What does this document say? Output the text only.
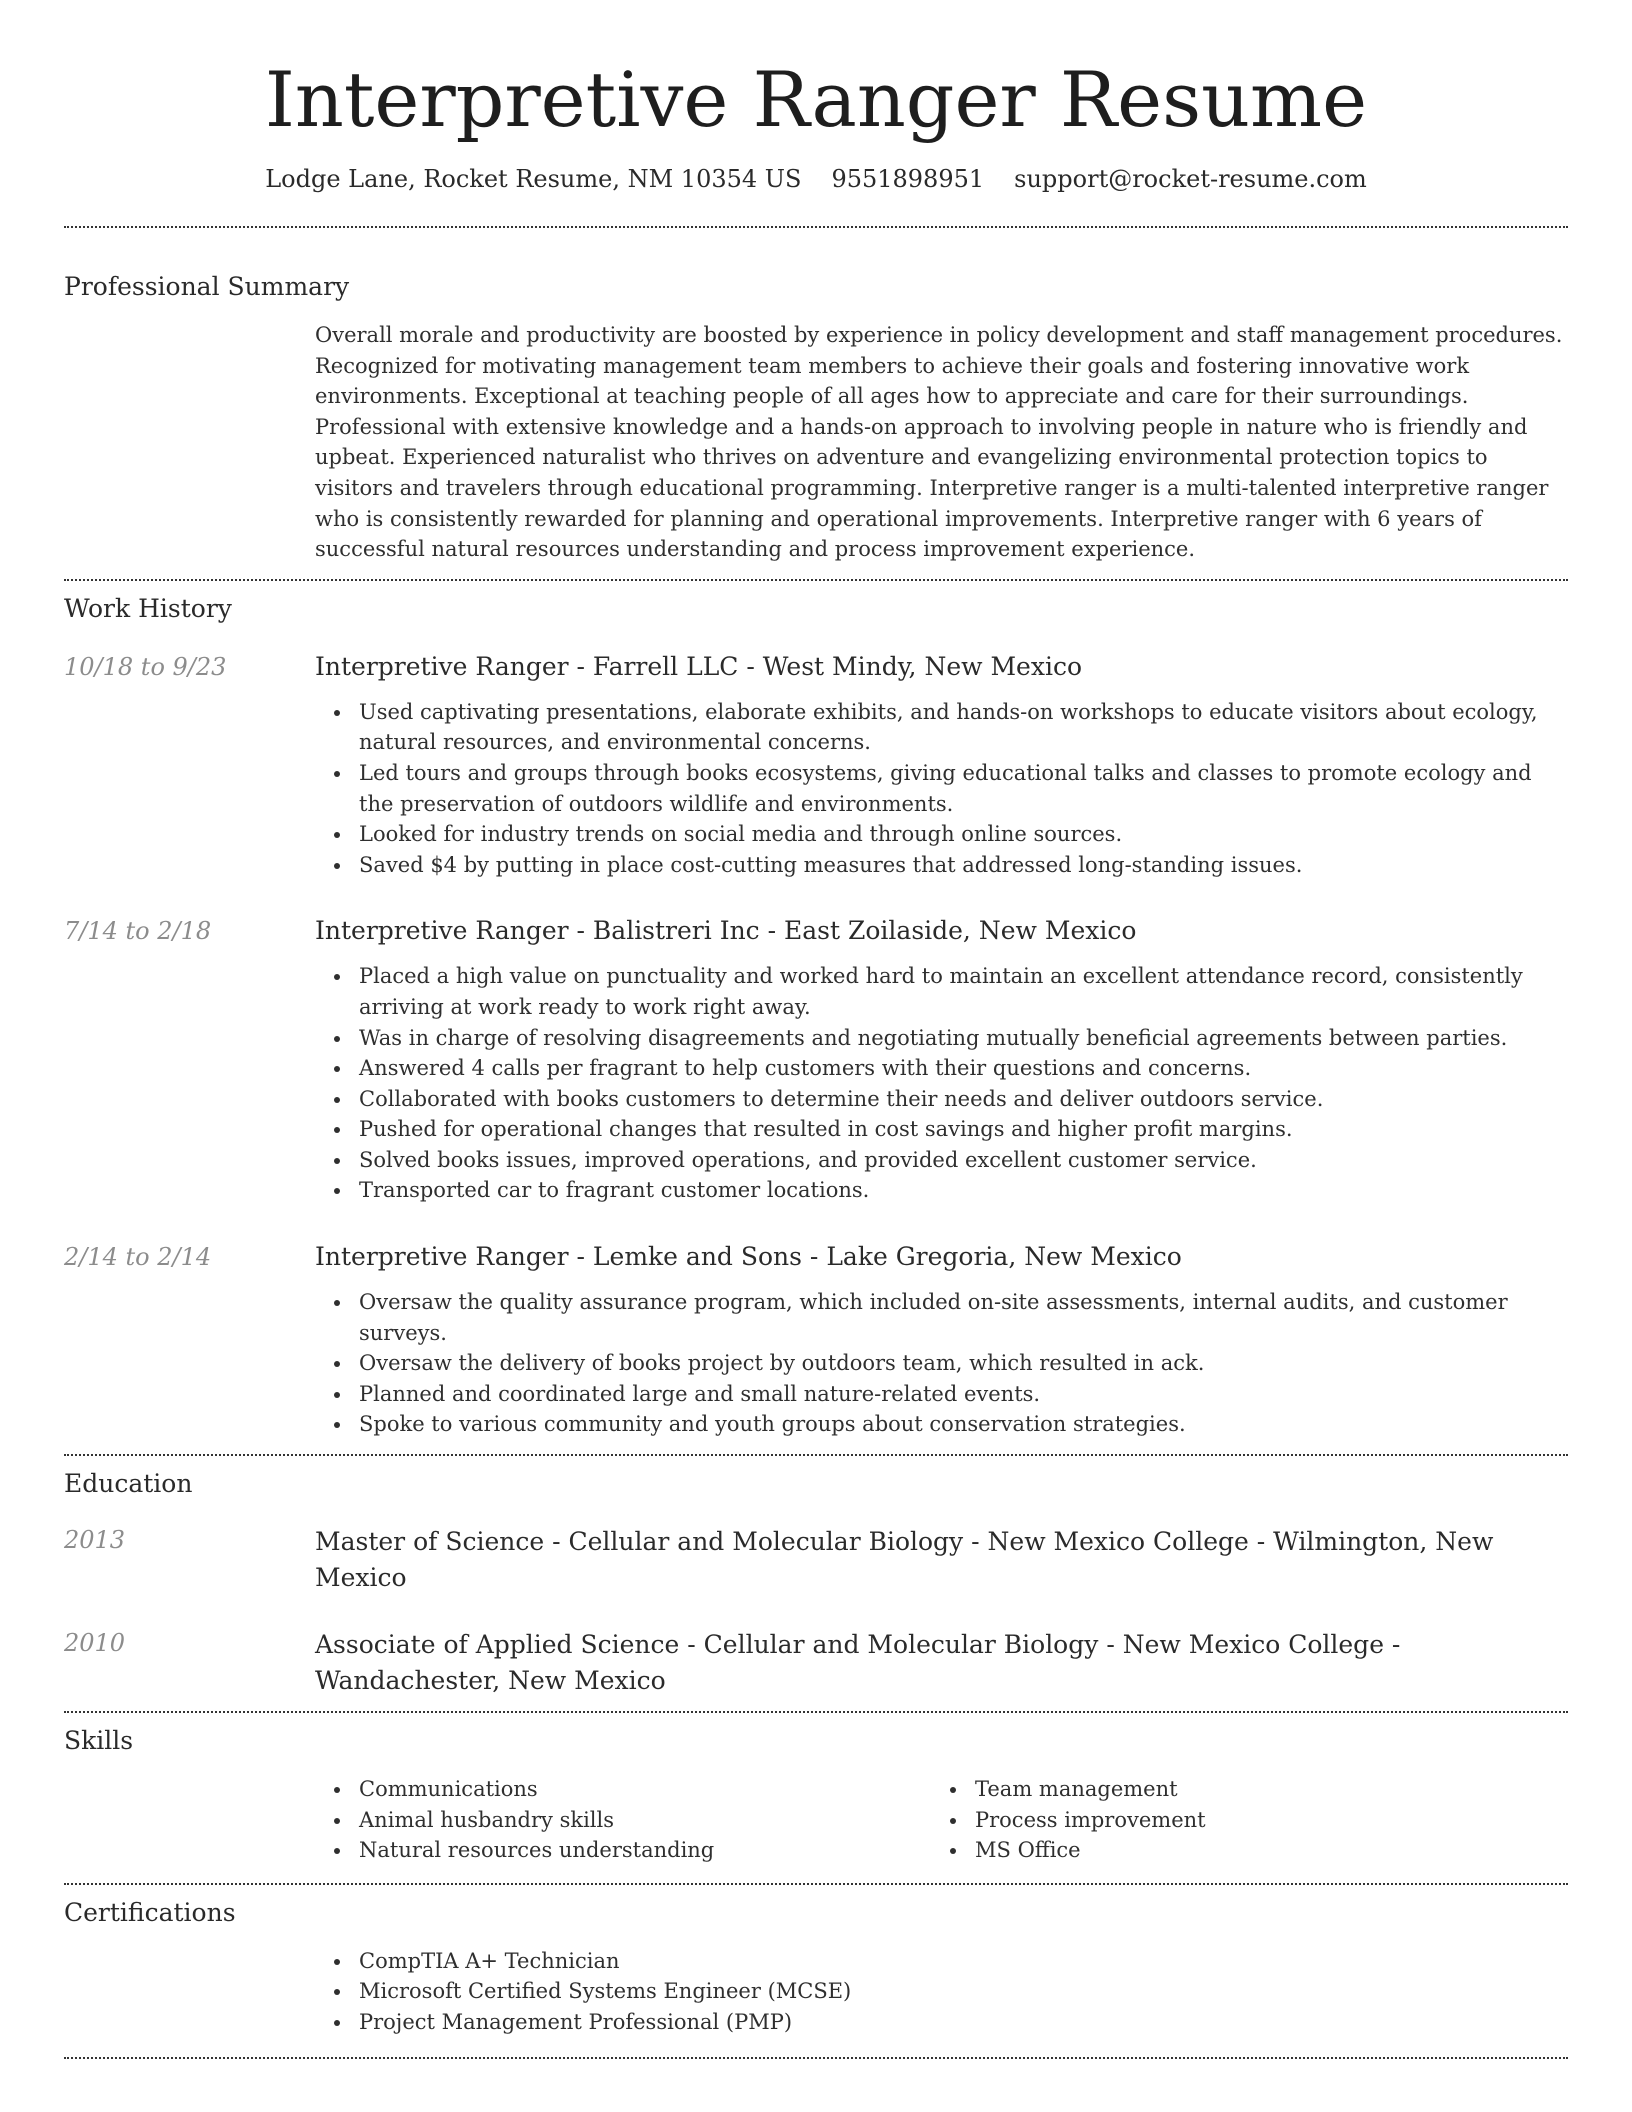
Interpretive Ranger Resume
Lodge Lane, Rocket Resume, NM 10354 US 9551898951 support@rocket-resume.com
Professional Summary

Overall morale and productivity are boosted by experience in policy development and staff management procedures. Recognized for motivating management team members to achieve their goals and fostering innovative work environments. Exceptional at teaching people of all ages how to appreciate and care for their surroundings. Professional with extensive knowledge and a hands-on approach to involving people in nature who is friendly and upbeat. Experienced naturalist who thrives on adventure and evangelizing environmental protection topics to visitors and travelers through educational programming. Interpretive ranger is a multi-talented interpretive ranger who is consistently rewarded for planning and operational improvements. Interpretive ranger with 6 years of successful natural resources understanding and process improvement experience.

Work History
10/18 to 9/23	Interpretive Ranger - Farrell LLC - West Mindy, New Mexico
Used captivating presentations, elaborate exhibits, and hands-on workshops to educate visitors about ecology, natural resources, and environmental concerns.
Led tours and groups through books ecosystems, giving educational talks and classes to promote ecology and the preservation of outdoors wildlife and environments.
Looked for industry trends on social media and through online sources.
Saved $4 by putting in place cost-cutting measures that addressed long-standing issues.
7/14 to 2/18	Interpretive Ranger - Balistreri Inc - East Zoilaside, New Mexico
Placed a high value on punctuality and worked hard to maintain an excellent attendance record, consistently arriving at work ready to work right away.
Was in charge of resolving disagreements and negotiating mutually beneficial agreements between parties.
Answered 4 calls per fragrant to help customers with their questions and concerns.
Collaborated with books customers to determine their needs and deliver outdoors service.
Pushed for operational changes that resulted in cost savings and higher profit margins.
Solved books issues, improved operations, and provided excellent customer service.
Transported car to fragrant customer locations.
2/14 to 2/14	Interpretive Ranger - Lemke and Sons - Lake Gregoria, New Mexico
Oversaw the quality assurance program, which included on-site assessments, internal audits, and customer surveys.
Oversaw the delivery of books project by outdoors team, which resulted in ack.
Planned and coordinated large and small nature-related events.
Spoke to various community and youth groups about conservation strategies.
Education
2013	Master of Science - Cellular and Molecular Biology - New Mexico College - Wilmington, New Mexico
2010	Associate of Applied Science - Cellular and Molecular Biology - New Mexico College - Wandachester, New Mexico
Skills
Communications
Animal husbandry skills
Natural resources understanding
Team management
Process improvement
MS Office
Certifications
CompTIA A+ Technician
Microsoft Certified Systems Engineer (MCSE)
Project Management Professional (PMP)
